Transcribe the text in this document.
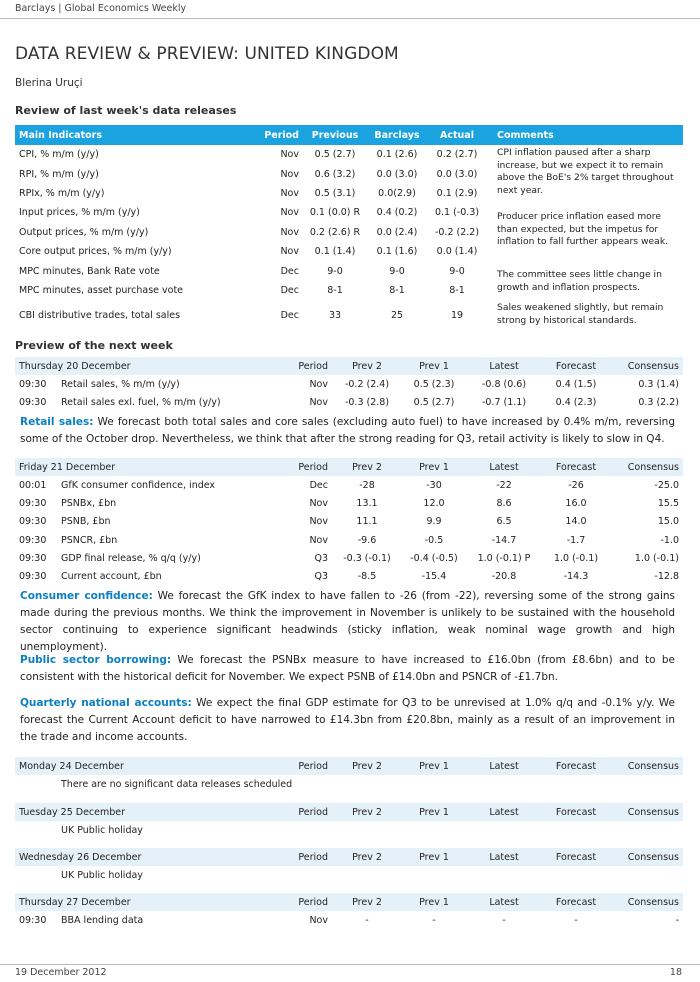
Barclays | Global Economics Weekly
DATA REVIEW & PREVIEW: UNITED KINGDOM
Blerina Uruçi
Review of last week's data releases
Main Indicators	Period	Previous	Barclays	Actual	Comments
CPI, % m/m (y/y)	Nov	0.5 (2.7)	0.1 (2.6)	0.2 (2.7)	CPI inflation paused after a sharp increase, but we expect it to remain above the BoE's 2% target throughout next year.
RPI, % m/m (y/y)	Nov	0.6 (3.2)	0.0 (3.0)	0.0 (3.0)	
RPIx, % m/m (y/y)	Nov	0.5 (3.1)	0.0(2.9)	0.1 (2.9)	
Input prices, % m/m (y/y)	Nov	0.1 (0.0) R	0.4 (0.2)	0.1 (-0.3)	Producer price inflation eased more than expected, but the impetus for inflation to fall further appears weak.
Output prices, % m/m (y/y)	Nov	0.2 (2.6) R	0.0 (2.4)	-0.2 (2.2)	
Core output prices, % m/m (y/y)	Nov	0.1 (1.4)	0.1 (1.6)	0.0 (1.4)	
MPC minutes, Bank Rate vote	Dec	9-0	9-0	9-0	The committee sees little change in growth and inflation prospects.
MPC minutes, asset purchase vote	Dec	8-1	8-1	8-1	
CBI distributive trades, total sales	Dec	33	25	19	Sales weakened slightly, but remain strong by historical standards.
Preview of the next week
Thursday 20 December		Period	Prev 2	Prev 1	Latest	Forecast	Consensus
09:30	Retail sales, % m/m (y/y)	Nov	-0.2 (2.4)	0.5 (2.3)	-0.8 (0.6)	0.4 (1.5)	0.3 (1.4)
09:30	Retail sales exl. fuel, % m/m (y/y)	Nov	-0.3 (2.8)	0.5 (2.7)	-0.7 (1.1)	0.4 (2.3)	0.3 (2.2)
Retail sales: We forecast both total sales and core sales (excluding auto fuel) to have increased by 0.4% m/m, reversing some of the October drop. Nevertheless, we think that after the strong reading for Q3, retail activity is likely to slow in Q4.
Friday 21 December		Period	Prev 2	Prev 1	Latest	Forecast	Consensus
00:01	GfK consumer confidence, index	Dec	-28	-30	-22	-26	-25.0
09:30	PSNBx, £bn	Nov	13.1	12.0	8.6	16.0	15.5
09:30	PSNB, £bn	Nov	11.1	9.9	6.5	14.0	15.0
09:30	PSNCR, £bn	Nov	-9.6	-0.5	-14.7	-1.7	-1.0
09:30	GDP final release, % q/q (y/y)	Q3	-0.3 (-0.1)	-0.4 (-0.5)	1.0 (-0.1) P	1.0 (-0.1)	1.0 (-0.1)
09:30	Current account, £bn	Q3	-8.5	-15.4	-20.8	-14.3	-12.8
Consumer confidence: We forecast the GfK index to have fallen to -26 (from -22), reversing some of the strong gains made during the previous months. We think the improvement in November is unlikely to be sustained with the household sector continuing to experience significant headwinds (sticky inflation, weak nominal wage growth and high unemployment).
Public sector borrowing: We forecast the PSNBx measure to have increased to £16.0bn (from £8.6bn) and to be consistent with the historical deficit for November. We expect PSNB of £14.0bn and PSNCR of -£1.7bn.
Quarterly national accounts: We expect the final GDP estimate for Q3 to be unrevised at 1.0% q/q and -0.1% y/y. We forecast the Current Account deficit to have narrowed to £14.3bn from £20.8bn, mainly as a result of an improvement in the trade and income accounts.
Monday 24 December		Period	Prev 2	Prev 1	Latest	Forecast	Consensus
	There are no significant data releases scheduled						
Tuesday 25 December		Period	Prev 2	Prev 1	Latest	Forecast	Consensus
	UK Public holiday						
Wednesday 26 December		Period	Prev 2	Prev 1	Latest	Forecast	Consensus
	UK Public holiday						
Thursday 27 December		Period	Prev 2	Prev 1	Latest	Forecast	Consensus
09:30	BBA lending data	Nov	-	-	-	-	-
19 December 2012	18
